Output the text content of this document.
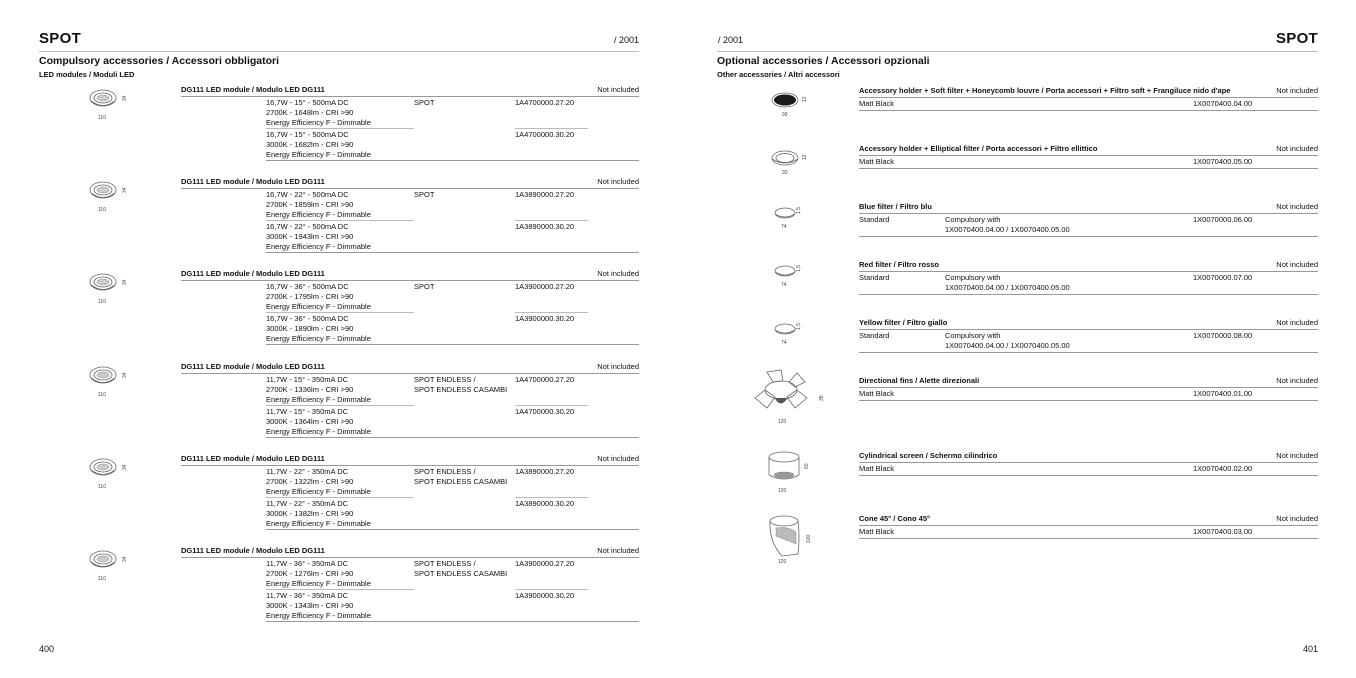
SPOT	/ 2001
Compulsory accessories / Accessori obbligatori
LED modules / Moduli LED
110
34
DG111 LED module / Modulo LED DG111	Not included
16,7W - 15° - 500mA DC
2700K - 1648lm - CRI >90
Energy Efficiency F - Dimmable
SPOT	1A4700000.27.20
16,7W - 15° - 500mA DC
3000K - 1682lm - CRI >90
Energy Efficiency F - Dimmable
1A4700000.30.20
110
34
DG111 LED module / Modulo LED DG111	Not included
16,7W - 22° - 500mA DC
2700K - 1859lm - CRI >90
Energy Efficiency F - Dimmable
SPOT	1A3890000.27.20
16,7W - 22° - 500mA DC
3000K - 1943lm - CRI >90
Energy Efficiency F - Dimmable
1A3890000.30.20
110
34
DG111 LED module / Modulo LED DG111	Not included
16,7W - 36° - 500mA DC
2700K - 1795lm - CRI >90
Energy Efficiency F - Dimmable
SPOT	1A3900000.27.20
16,7W - 36° - 500mA DC
3000K - 1890lm - CRI >90
Energy Efficiency F - Dimmable
1A3900000.30.20
110
34
DG111 LED module / Modulo LED DG111	Not included
11,7W - 15° - 350mA DC
2700K - 1336lm - CRI >90
Energy Efficiency F - Dimmable
SPOT ENDLESS /
SPOT ENDLESS CASAMBI
1A4700000.27.20
11,7W - 15° - 350mA DC
3000K - 1364lm - CRI >90
Energy Efficiency F - Dimmable
1A4700000.30.20
110
34
DG111 LED module / Modulo LED DG111	Not included
11,7W - 22° - 350mA DC
2700K - 1322lm - CRI >90
Energy Efficiency F - Dimmable
SPOT ENDLESS /
SPOT ENDLESS CASAMBI
1A3890000.27.20
11,7W - 22° - 350mA DC
3000K - 1382lm - CRI >90
Energy Efficiency F - Dimmable
1A3890000.30.20
110
34
DG111 LED module / Modulo LED DG111	Not included
11,7W - 36° - 350mA DC
2700K - 1276lm - CRI >90
Energy Efficiency F - Dimmable
SPOT ENDLESS /
SPOT ENDLESS CASAMBI
1A3900000.27.20
11,7W - 36° - 350mA DC
3000K - 1343lm - CRI >90
Energy Efficiency F - Dimmable
1A3900000.30.20
400
/ 2001	SPOT
Optional accessories / Accessori opzionali
Other accessories / Altri accessori
93
12
Accessory holder + Soft filter + Honeycomb louvre / Porta accessori + Filtro soft + Frangiluce nido d'ape	Not included
Matt Black	1X0070400.04.00
93
12
Accessory holder + Elliptical filter / Porta accessori + Filtro ellittico	Not included
Matt Black	1X0070400.05.00
74
1,5	Blue filter / Filtro blu	Not included
Standard	Compulsory with
1X0070400.04.00 / 1X0070400.05.00
1X0070000.06.00
74
1,5	Red filter / Filtro rosso	Not included
Standard	Compulsory with
1X0070400.04.00 / 1X0070400.05.00
1X0070000.07.00
74
1,5	Yellow filter / Filtro giallo	Not included
Standard	Compulsory with
1X0070400.04.00 / 1X0070400.05.00
1X0070000.08.00
120
35
Directional fins / Alette direzionali	Not included
Matt Black	1X0070400.01.00
120
60
Cylindrical screen / Schermo cilindrico	Not included
Matt Black	1X0070400.02.00
120
100
Cone 45° / Cono 45°	Not included
Matt Black	1X0070400.03.00
401
